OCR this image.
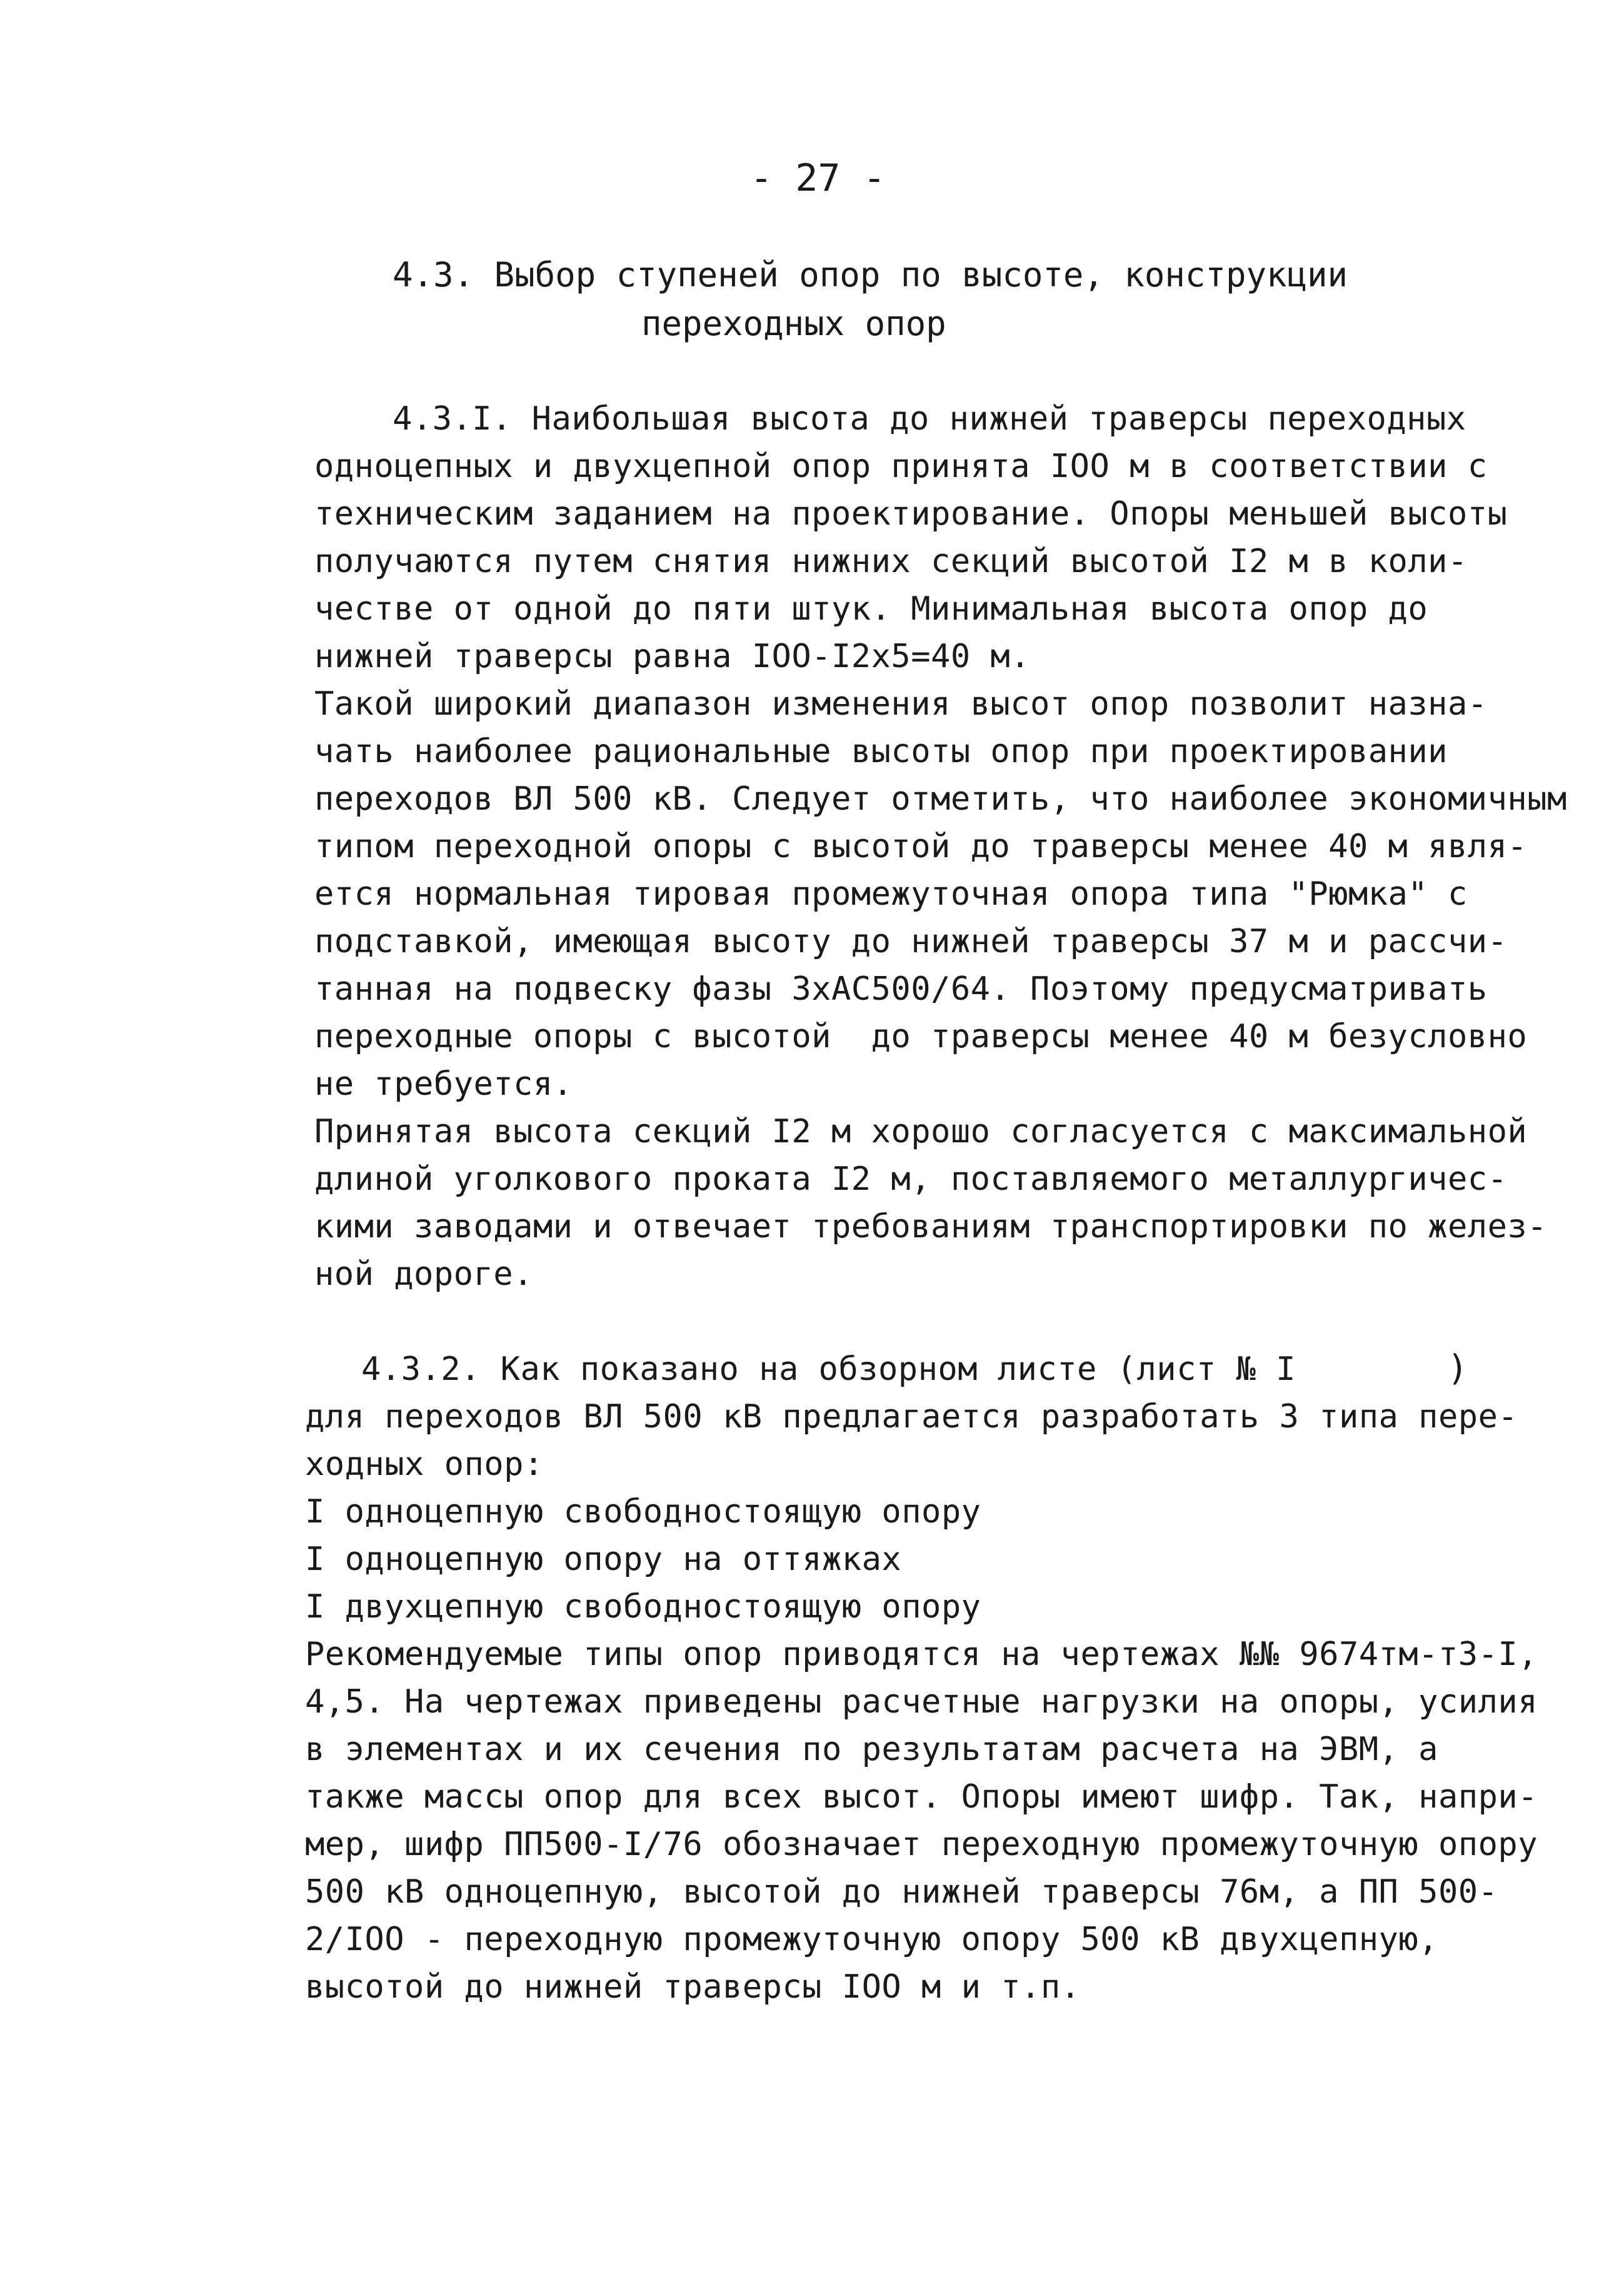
- 27 -
4.3. Выбор ступеней опор по высоте, конструкции
переходных опор
4.3.I. Наибольшая высота до нижней траверсы переходных
одноцепных и двухцепной опор принята IOO м в соответствии с
техническим заданием на проектирование. Опоры меньшей высоты
получаются путем снятия нижних секций высотой I2 м в коли-
честве от одной до пяти штук. Минимальная высота опор до
нижней траверсы равна IOO-I2x5=40 м.
Такой широкий диапазон изменения высот опор позволит назна-
чать наиболее рациональные высоты опор при проектировании
переходов ВЛ 500 кВ. Следует отметить, что наиболее экономичным
типом переходной опоры с высотой до траверсы менее 40 м явля-
ется нормальная тировая промежуточная опора типа "Рюмка" с
подставкой, имеющая высоту до нижней траверсы 37 м и рассчи-
танная на подвеску фазы 3хАС500/64. Поэтому предусматривать
переходные опоры с высотой  до траверсы менее 40 м безусловно
не требуется.
Принятая высота секций I2 м хорошо согласуется с максимальной
длиной уголкового проката I2 м, поставляемого металлургичес-
кими заводами и отвечает требованиям транспортировки по желез-
ной дороге.
4.3.2. Как показано на обзорном листе (лист № I	)
для переходов ВЛ 500 кВ предлагается разработать 3 типа пере-
ходных опор:
I одноцепную свободностоящую опору
I одноцепную опору на оттяжках
I двухцепную свободностоящую опору
Рекомендуемые типы опор приводятся на чертежах №№ 9674тм-т3-I,
4,5. На чертежах приведены расчетные нагрузки на опоры, усилия
в элементах и их сечения по результатам расчета на ЭВМ, а
также массы опор для всех высот. Опоры имеют шифр. Так, напри-
мер, шифр ПП500-I/76 обозначает переходную промежуточную опору
500 кВ одноцепную, высотой до нижней траверсы 76м, а ПП 500-
2/IOO - переходную промежуточную опору 500 кВ двухцепную,
высотой до нижней траверсы IOO м и т.п.
